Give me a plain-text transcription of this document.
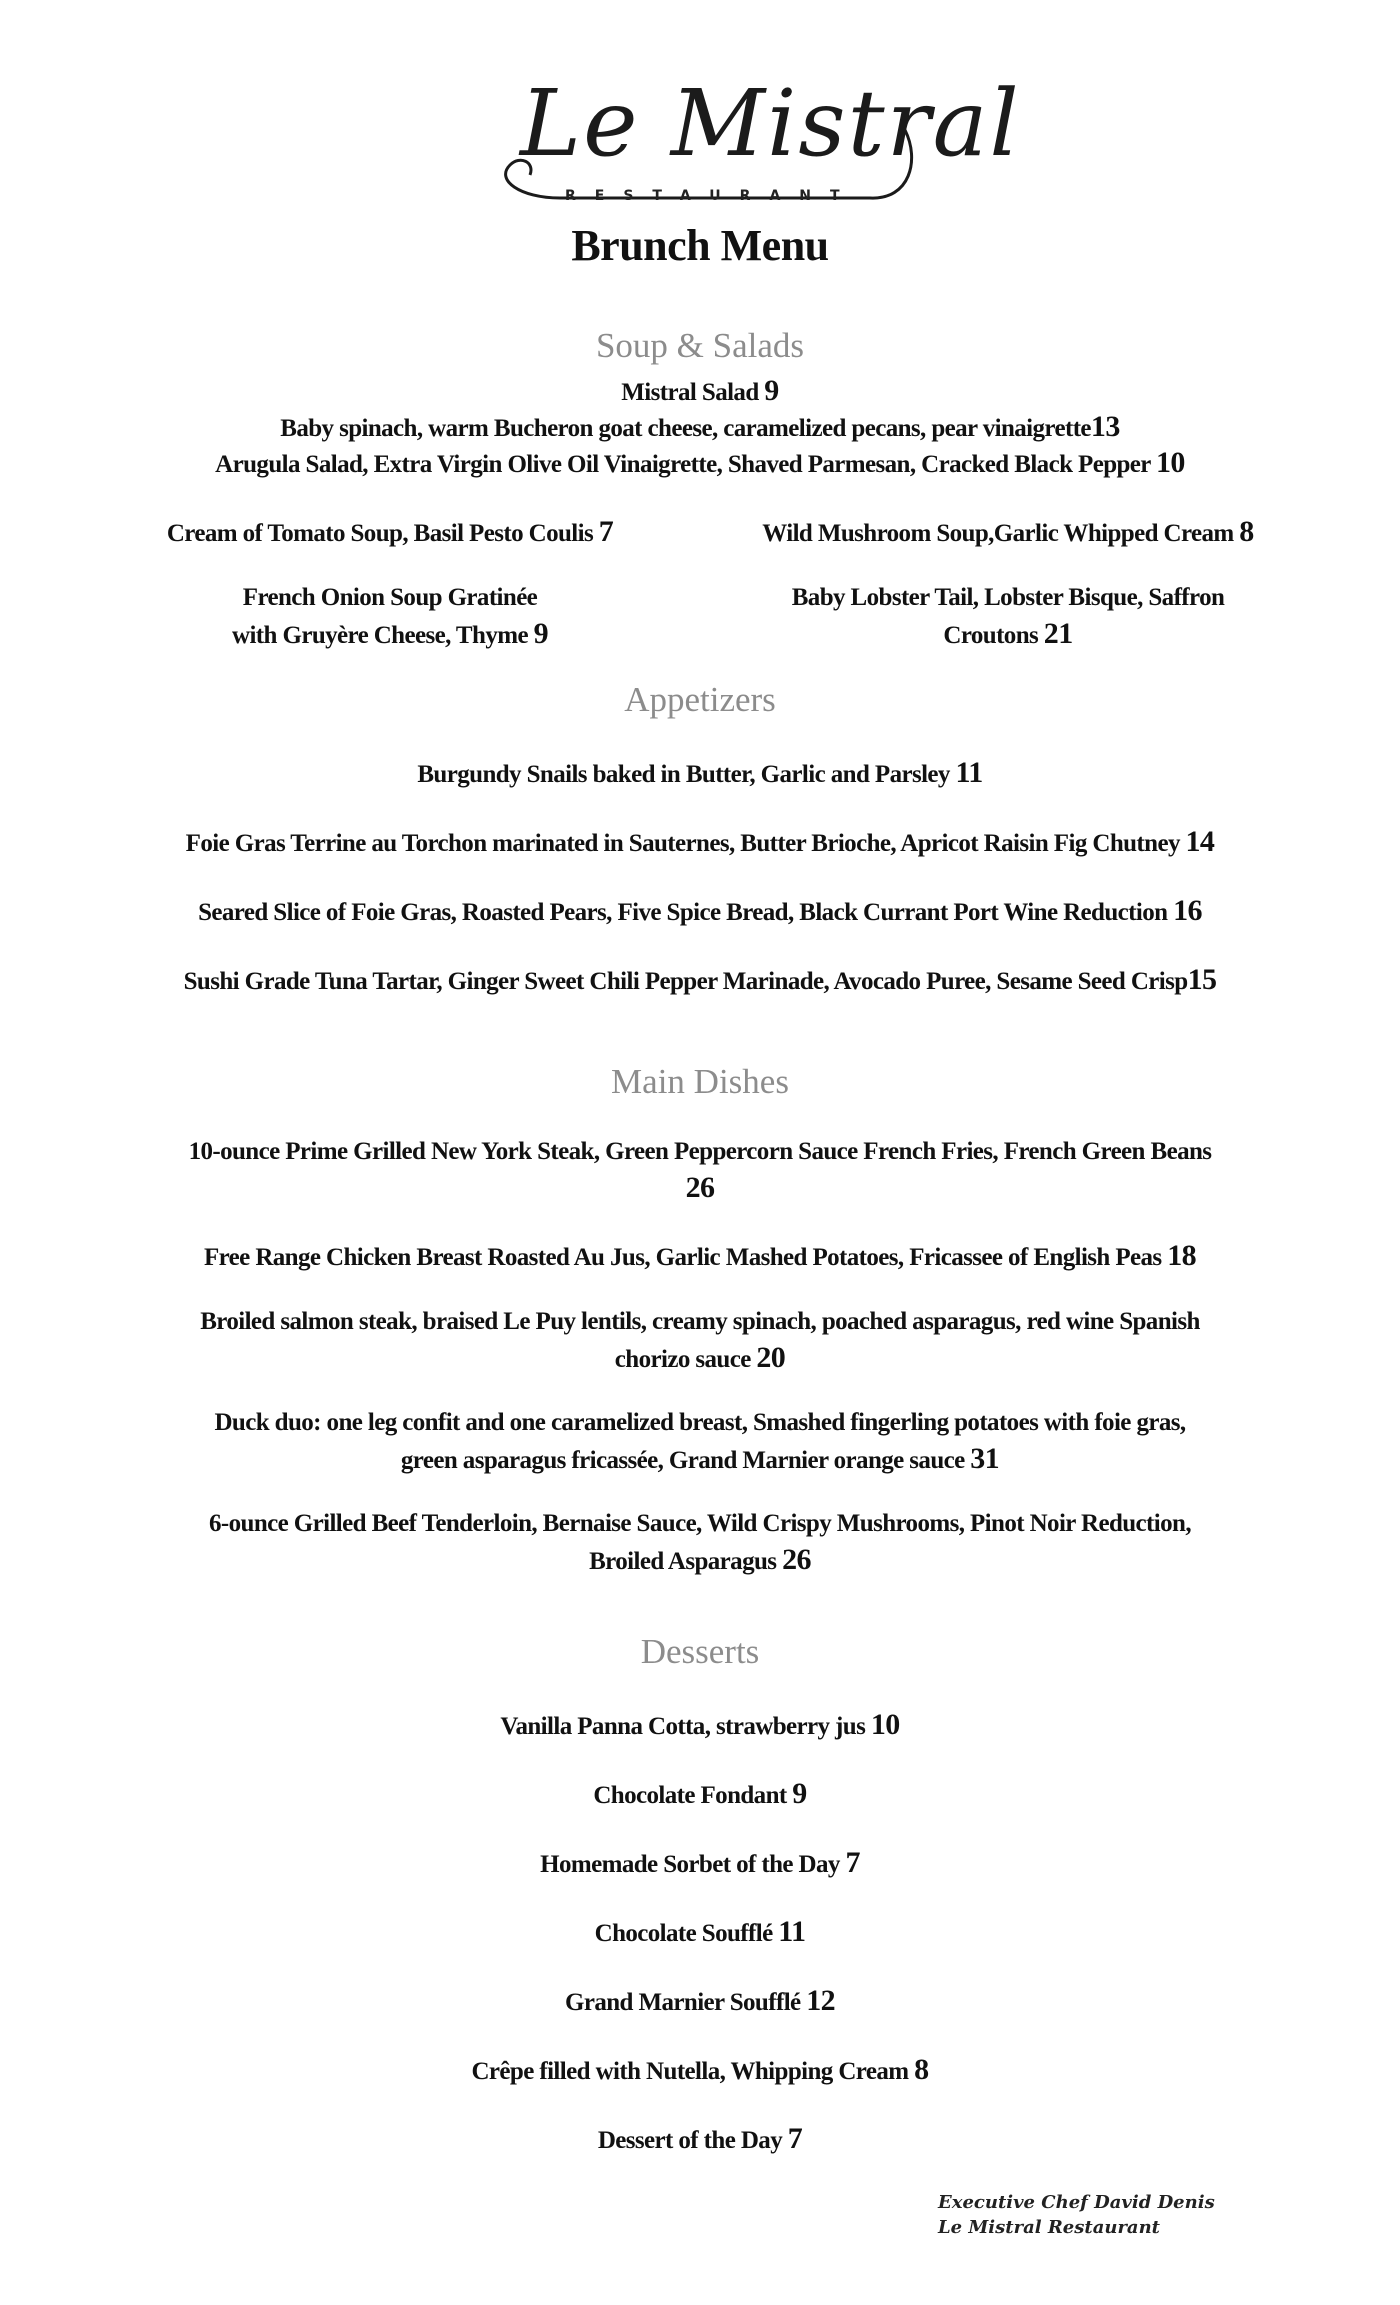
Le Mistral
RESTAURANT
Brunch Menu
Soup & Salads
Mistral Salad 9
Baby spinach, warm Bucheron goat cheese, caramelized pecans, pear vinaigrette13
Arugula Salad, Extra Virgin Olive Oil Vinaigrette, Shaved Parmesan, Cracked Black Pepper 10
Cream of Tomato Soup, Basil Pesto Coulis 7	Wild Mushroom Soup,Garlic Whipped Cream 8
French Onion Soup Gratinée
with Gruyère Cheese, Thyme 9
Baby Lobster Tail, Lobster Bisque, Saffron
Croutons 21
Appetizers
Burgundy Snails baked in Butter, Garlic and Parsley 11
Foie Gras Terrine au Torchon marinated in Sauternes, Butter Brioche, Apricot Raisin Fig Chutney 14
Seared Slice of Foie Gras, Roasted Pears, Five Spice Bread, Black Currant Port Wine Reduction 16
Sushi Grade Tuna Tartar, Ginger Sweet Chili Pepper Marinade, Avocado Puree, Sesame Seed Crisp15
Main Dishes
10-ounce Prime Grilled New York Steak, Green Peppercorn Sauce French Fries, French Green Beans
26
Free Range Chicken Breast Roasted Au Jus, Garlic Mashed Potatoes, Fricassee of English Peas 18
Broiled salmon steak, braised Le Puy lentils, creamy spinach, poached asparagus, red wine Spanish
chorizo sauce 20
Duck duo: one leg confit and one caramelized breast, Smashed fingerling potatoes with foie gras,
green asparagus fricassée, Grand Marnier orange sauce 31
6-ounce Grilled Beef Tenderloin, Bernaise Sauce, Wild Crispy Mushrooms, Pinot Noir Reduction,
Broiled Asparagus 26
Desserts
Vanilla Panna Cotta, strawberry jus 10
Chocolate Fondant 9
Homemade Sorbet of the Day 7
Chocolate Soufflé 11
Grand Marnier Soufflé 12
Crêpe filled with Nutella, Whipping Cream 8
Dessert of the Day 7
Executive Chef David Denis
Le Mistral Restaurant
